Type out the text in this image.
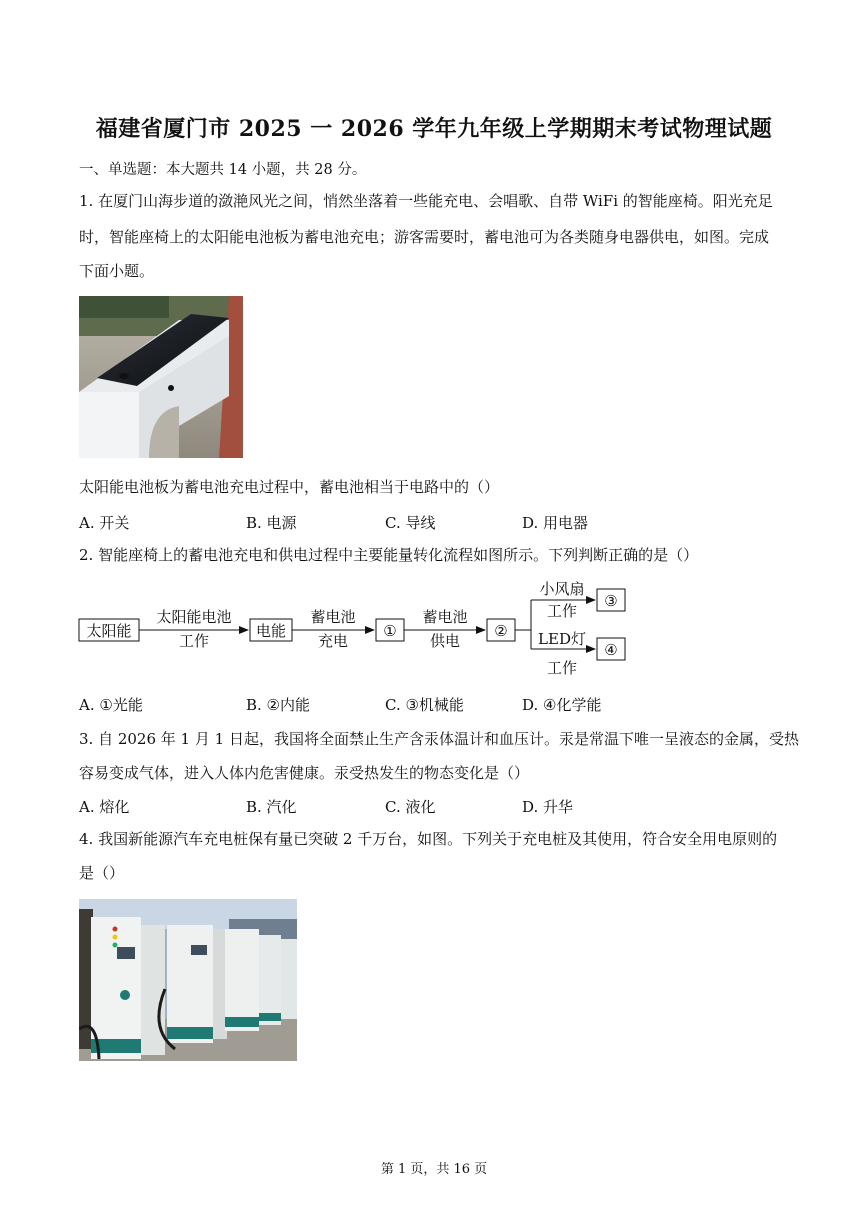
福建省厦门市 2025 一 2026 学年九年级上学期期末考试物理试题
一、单选题：本大题共 14 小题，共 28 分。
1. 在厦门山海步道的潋滟风光之间，悄然坐落着一些能充电、会唱歌、自带 WiFi 的智能座椅。阳光充足
时，智能座椅上的太阳能电池板为蓄电池充电；游客需要时，蓄电池可为各类随身电器供电，如图。完成
下面小题。
太阳能电池板为蓄电池充电过程中，蓄电池相当于电路中的（）
A. 开关	B. 电源	C. 导线	D. 用电器
2. 智能座椅上的蓄电池充电和供电过程中主要能量转化流程如图所示。下列判断正确的是（）
太阳能	电能	①	②
③
④
太阳能电池
工作
蓄电池
充电
蓄电池
供电
小风扇
工作
LED灯
工作
A. ①光能	B. ②内能	C. ③机械能	D. ④化学能
3. 自 2026 年 1 月 1 日起，我国将全面禁止生产含汞体温计和血压计。汞是常温下唯一呈液态的金属，受热
容易变成气体，进入人体内危害健康。汞受热发生的物态变化是（）
A. 熔化	B. 汽化	C. 液化	D. 升华
4. 我国新能源汽车充电桩保有量已突破 2 千万台，如图。下列关于充电桩及其使用，符合安全用电原则的
是（）
第 1 页，共 16 页
